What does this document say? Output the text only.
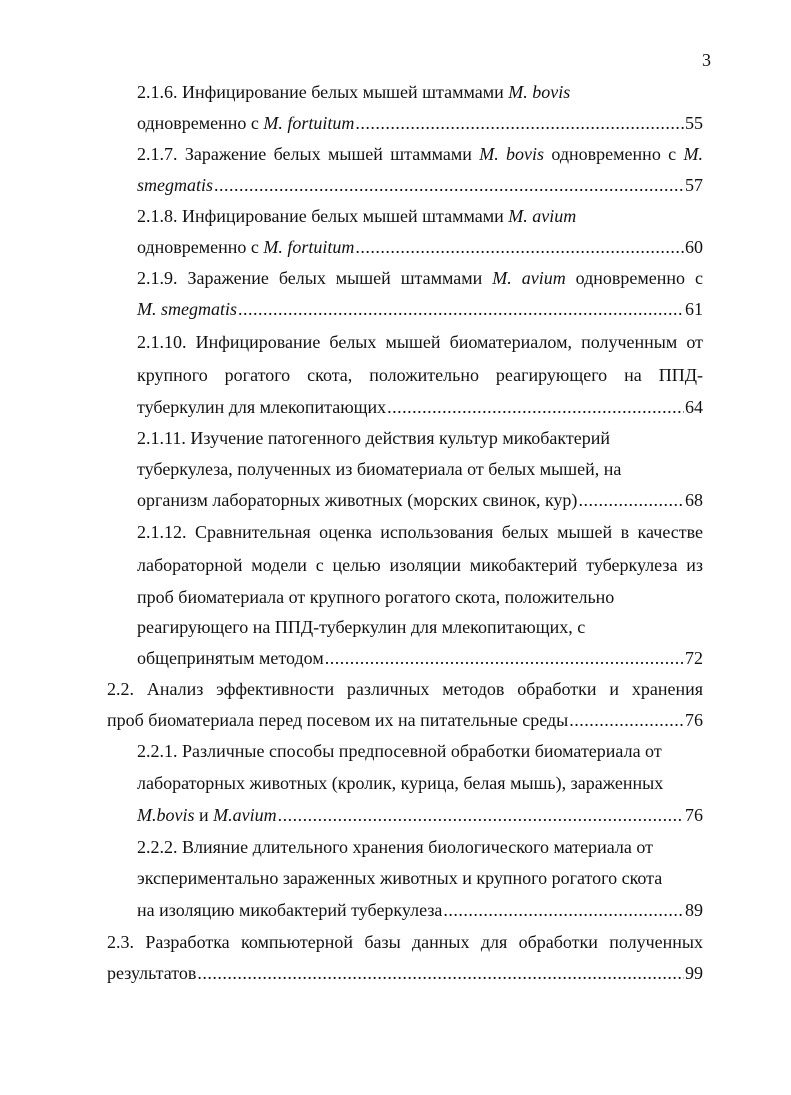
3
2.1.6. Инфицирование белых мышей штаммами M. bovis
одновременно с M. fortuitum .....	55
2.1.7. Заражение белых мышей штаммами M. bovis одновременно с M.
smegmatis .....	57
2.1.8. Инфицирование белых мышей штаммами M. avium
одновременно с M. fortuitum .....	60
2.1.9. Заражение белых мышей штаммами M. avium одновременно с
M. smegmatis .....	61
2.1.10. Инфицирование белых мышей биоматериалом, полученным от
крупного рогатого скота, положительно реагирующего на ППД-
туберкулин для млекопитающих .....	64
2.1.11. Изучение патогенного действия культур микобактерий
туберкулеза, полученных из биоматериала от белых мышей, на
организм лабораторных животных (морских свинок, кур) .....	68
2.1.12. Сравнительная оценка использования белых мышей в качестве
лабораторной модели с целью изоляции микобактерий туберкулеза из
проб биоматериала от крупного рогатого скота, положительно
реагирующего на ППД-туберкулин для млекопитающих, с
общепринятым методом .....	72
2.2. Анализ эффективности различных методов обработки и хранения
проб биоматериала перед посевом их на питательные среды .....	76
2.2.1. Различные способы предпосевной обработки биоматериала от
лабораторных животных (кролик, курица, белая мышь), зараженных
M.bovis и M.avium .....	76
2.2.2. Влияние длительного хранения биологического материала от
экспериментально зараженных животных и крупного рогатого скота
на изоляцию микобактерий туберкулеза .....	89
2.3. Разработка компьютерной базы данных для обработки полученных
результатов .....	99
